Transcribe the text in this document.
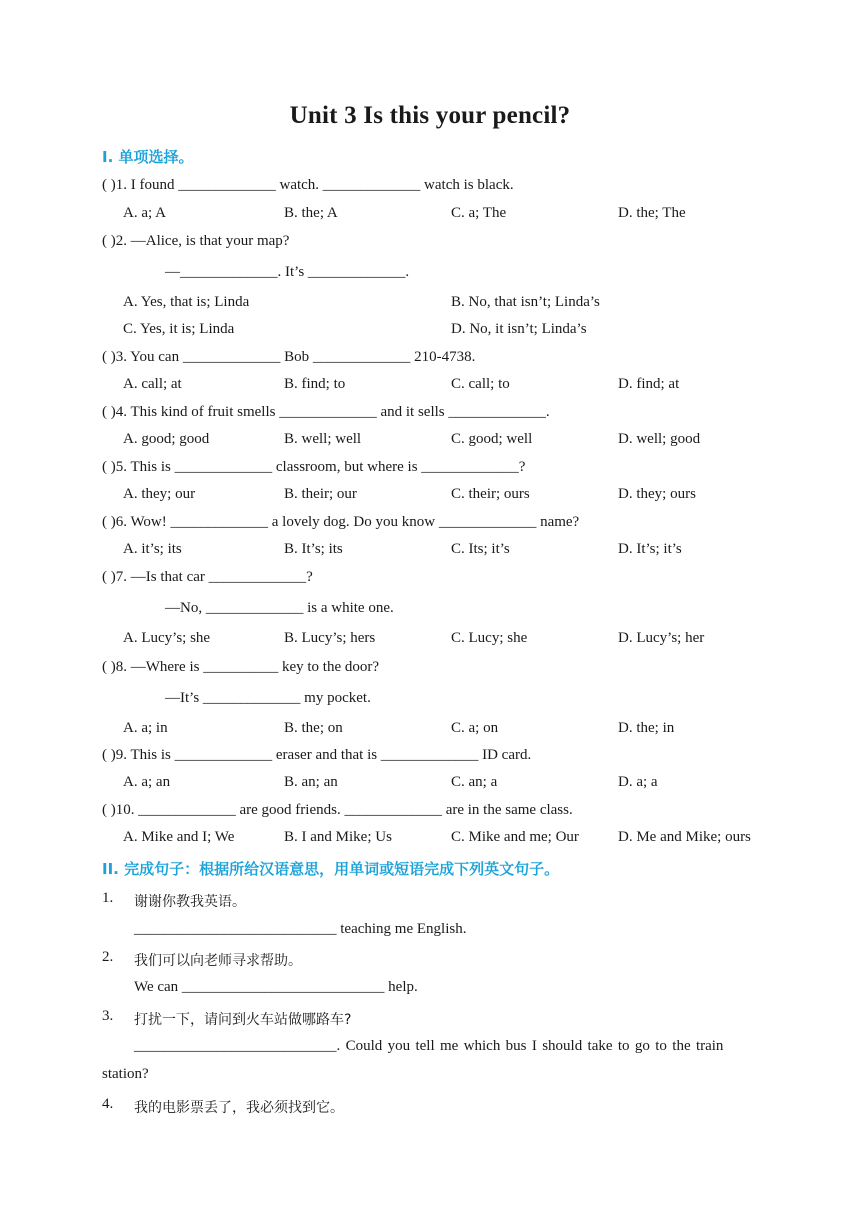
Unit 3 Is this your pencil?
I. 单项选择。
( )1. I found _____________ watch. _____________ watch is black.
A. a; A	B. the; A	C. a; The	D. the; The
( )2. —Alice, is that your map?
—_____________. It’s _____________.
A. Yes, that is; Linda	B. No, that isn’t; Linda’s
C. Yes, it is; Linda	D. No, it isn’t; Linda’s
( )3. You can _____________ Bob _____________ 210-4738.
A. call; at	B. find; to	C. call; to	D. find; at
( )4. This kind of fruit smells _____________ and it sells _____________.
A. good; good	B. well; well	C. good; well	D. well; good
( )5. This is _____________ classroom, but where is _____________?
A. they; our	B. their; our	C. their; ours	D. they; ours
( )6. Wow! _____________ a lovely dog. Do you know _____________ name?
A. it’s; its	B. It’s; its	C. Its; it’s	D. It’s; it’s
( )7. —Is that car _____________?
—No, _____________ is a white one.
A. Lucy’s; she	B. Lucy’s; hers	C. Lucy; she	D. Lucy’s; her
( )8. —Where is __________ key to the door?
—It’s _____________ my pocket.
A. a; in	B. the; on	C. a; on	D. the; in
( )9. This is _____________ eraser and that is _____________ ID card.
A. a; an	B. an; an	C. an; a	D. a; a
( )10. _____________ are good friends. _____________ are in the same class.
A. Mike and I; We	B. I and Mike; Us	C. Mike and me; Our	D. Me and Mike; ours
II. 完成句子：根据所给汉语意思，用单词或短语完成下列英文句子。
1. 谢谢你教我英语。
___________________________ teaching me English.
2. 我们可以向老师寻求帮助。
We can ___________________________ help.
3. 打扰一下，请问到火车站做哪路车?
___________________________. Could you tell me which bus I should take to go to the train
station?
4. 我的电影票丢了，我必须找到它。
